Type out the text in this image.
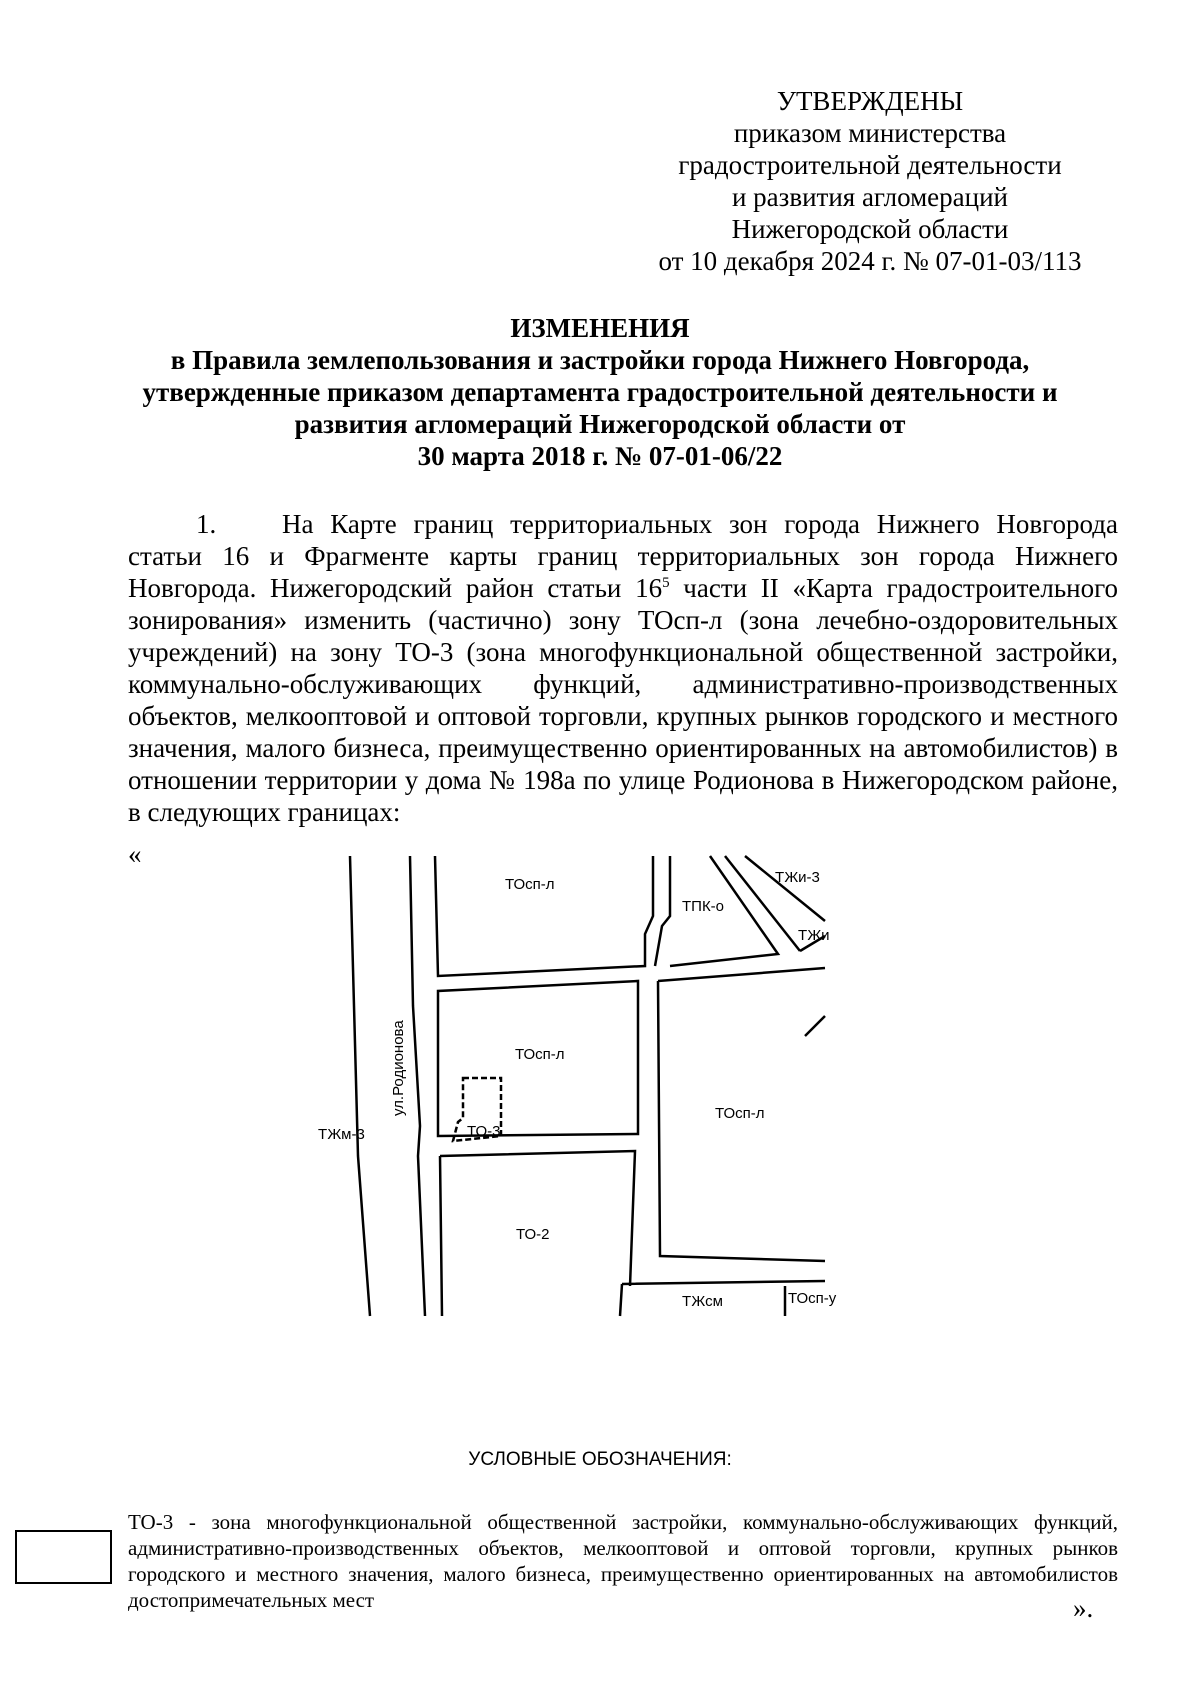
УТВЕРЖДЕНЫ
приказом министерства
градостроительной деятельности
и развития агломераций
Нижегородской области
от 10 декабря 2024 г. № 07-01-03/113
ИЗМЕНЕНИЯ
в Правила землепользования и застройки города Нижнего Новгорода,
утвержденные приказом департамента градостроительной деятельности и
развития агломераций Нижегородской области от
30 марта 2018 г. № 07-01-06/22
1. На Карте границ территориальных зон города Нижнего Новгорода статьи 16 и Фрагменте карты границ территориальных зон города Нижнего Новгорода. Нижегородский район статьи $16^5$ части II «Карта градостроительного зонирования» изменить (частично) зону ТОсп-л (зона лечебно-оздоровительных учреждений) на зону ТО-3 (зона многофункциональной общественной застройки, коммунально-обслуживающих функций, административно-производственных объектов, мелкооптовой и оптовой торговли, крупных рынков городского и местного значения, малого бизнеса, преимущественно ориентированных на автомобилистов) в отношении территории у дома № 198а по улице Родионова в Нижегородском районе, в следующих границах:
«
ТОсп-л
ТПК-о
ТЖи-3
ТЖи
ТОсп-л
ТОсп-л
ТО-3
ТЖм-3
ул.Родионова
ТО-2
ТЖсм	ТОсп-у
УСЛОВНЫЕ ОБОЗНАЧЕНИЯ:
ТО-3 - зона многофункциональной общественной застройки, коммунально-обслуживающих функций, административно-производственных объектов, мелкооптовой и оптовой торговли, крупных рынков городского и местного значения, малого бизнеса, преимущественно ориентированных на автомобилистов достопримечательных мест	».
